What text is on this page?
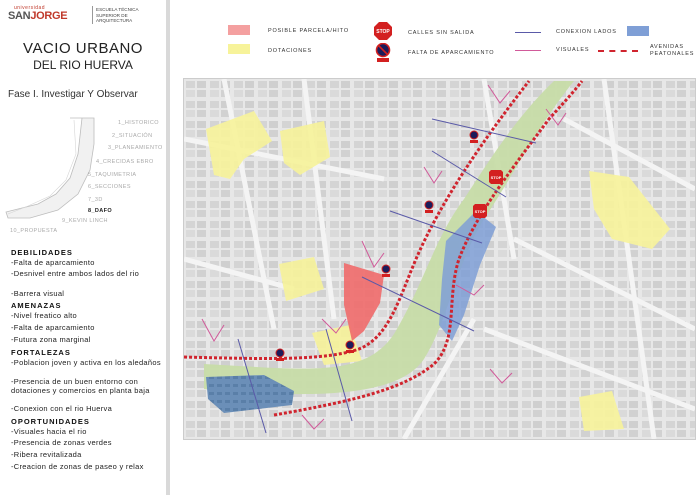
universidad
SANJORGE
ESCUELA TÉCNICA SUPERIOR DE ARQUITECTURA
VACIO URBANO
DEL RIO HUERVA
Fase I. Investigar Y Observar
1_HISTORICO
2_SITUACIÓN
3_PLANEAMIENTO
4_CRECIDAS EBRO
5_TAQUIMETRIA
6_SECCIONES
7_3D
8_DAFO
9_KEVIN LINCH
10_PROPUESTA
DEBILIDADES
-Falta de aparcamiento
-Desnivel entre ambos lados del rio
-Barrera visual
AMENAZAS
-Nivel freatico alto
-Falta de aparcamiento
-Futura zona marginal
FORTALEZAS
-Poblacion joven y activa en los aledaños
-Presencia de un buen entorno con dotaciones y comercios en planta baja
-Conexion con el rio Huerva
OPORTUNIDADES
-Visuales hacia el rio
-Presencia de zonas verdes
-Ribera revitalizada
-Creacion de zonas de paseo y relax
POSIBLE PARCELA/HITO
DOTACIONES
STOP	CALLES SIN SALIDA
FALTA DE APARCAMIENTO
CONEXION LADOS
VISUALES	AVENIDAS PEATONALES
STOP
STOP
